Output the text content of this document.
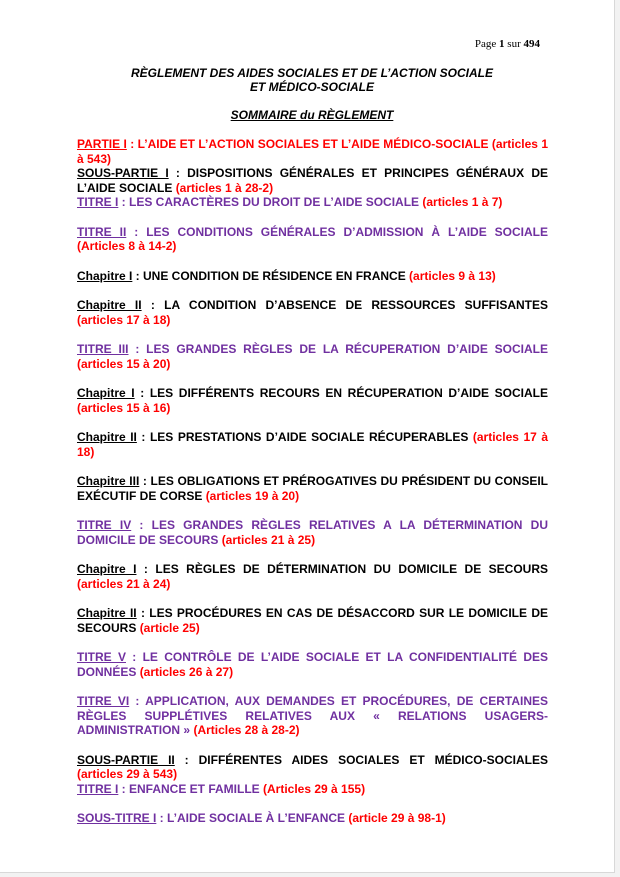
Page 1 sur 494
RÈGLEMENT DES AIDES SOCIALES ET DE L’ACTION SOCIALE
ET MÉDICO-SOCIALE
SOMMAIRE du RÈGLEMENT

PARTIE I : L’AIDE ET L’ACTION SOCIALES ET L’AIDE MÉDICO-SOCIALE (articles 1 à 543)

SOUS-PARTIE I : DISPOSITIONS GÉNÉRALES ET PRINCIPES GÉNÉRAUX DE L’AIDE SOCIALE (articles 1 à 28-2)

TITRE I : LES CARACTÈRES DU DROIT DE L’AIDE SOCIALE (articles 1 à 7)

TITRE II : LES CONDITIONS GÉNÉRALES D’ADMISSION À L’AIDE SOCIALE (Articles 8 à 14-2)

Chapitre I : UNE CONDITION DE RÉSIDENCE EN FRANCE (articles 9 à 13)

Chapitre II : LA CONDITION D’ABSENCE DE RESSOURCES SUFFISANTES (articles 17 à 18)

TITRE III : LES GRANDES RÈGLES DE LA RÉCUPERATION D’AIDE SOCIALE (articles 15 à 20)

Chapitre I : LES DIFFÉRENTS RECOURS EN RÉCUPERATION D’AIDE SOCIALE (articles 15 à 16)

Chapitre II : LES PRESTATIONS D’AIDE SOCIALE RÉCUPERABLES (articles 17 à 18)

Chapitre III : LES OBLIGATIONS ET PRÉROGATIVES DU PRÉSIDENT DU CONSEIL EXÉCUTIF DE CORSE (articles 19 à 20)

TITRE IV : LES GRANDES RÈGLES RELATIVES A LA DÉTERMINATION DU DOMICILE DE SECOURS (articles 21 à 25)

Chapitre I : LES RÈGLES DE DÉTERMINATION DU DOMICILE DE SECOURS (articles 21 à 24)

Chapitre II : LES PROCÉDURES EN CAS DE DÉSACCORD SUR LE DOMICILE DE SECOURS (article 25)

TITRE V : LE CONTRÔLE DE L’AIDE SOCIALE ET LA CONFIDENTIALITÉ DES DONNÉES (articles 26 à 27)

TITRE VI : APPLICATION, AUX DEMANDES ET PROCÉDURES, DE CERTAINES RÈGLES SUPPLÉTIVES RELATIVES AUX « RELATIONS USAGERS-ADMINISTRATION » (Articles 28 à 28-2)

SOUS-PARTIE II : DIFFÉRENTES AIDES SOCIALES ET MÉDICO-SOCIALES (articles 29 à 543)

TITRE I : ENFANCE ET FAMILLE (Articles 29 à 155)

SOUS-TITRE I : L’AIDE SOCIALE À L’ENFANCE (article 29 à 98-1)
